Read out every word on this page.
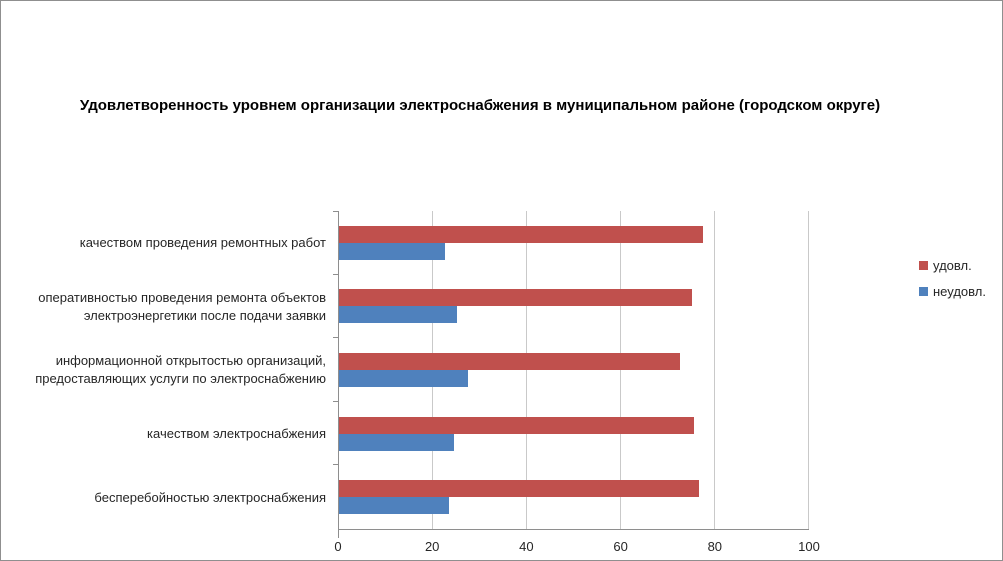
Удовлетворенность уровнем организации электроснабжения в муниципальном районе (городском округе)
качеством проведения ремонтных работ
оперативностью проведения ремонта объектов электроэнергетики после подачи заявки
информационной открытостью организаций, предоставляющих услуги по электроснабжению
качеством электроснабжения
бесперебойностью электроснабжения
0	20	40	60	80	100
удовл.
неудовл.
